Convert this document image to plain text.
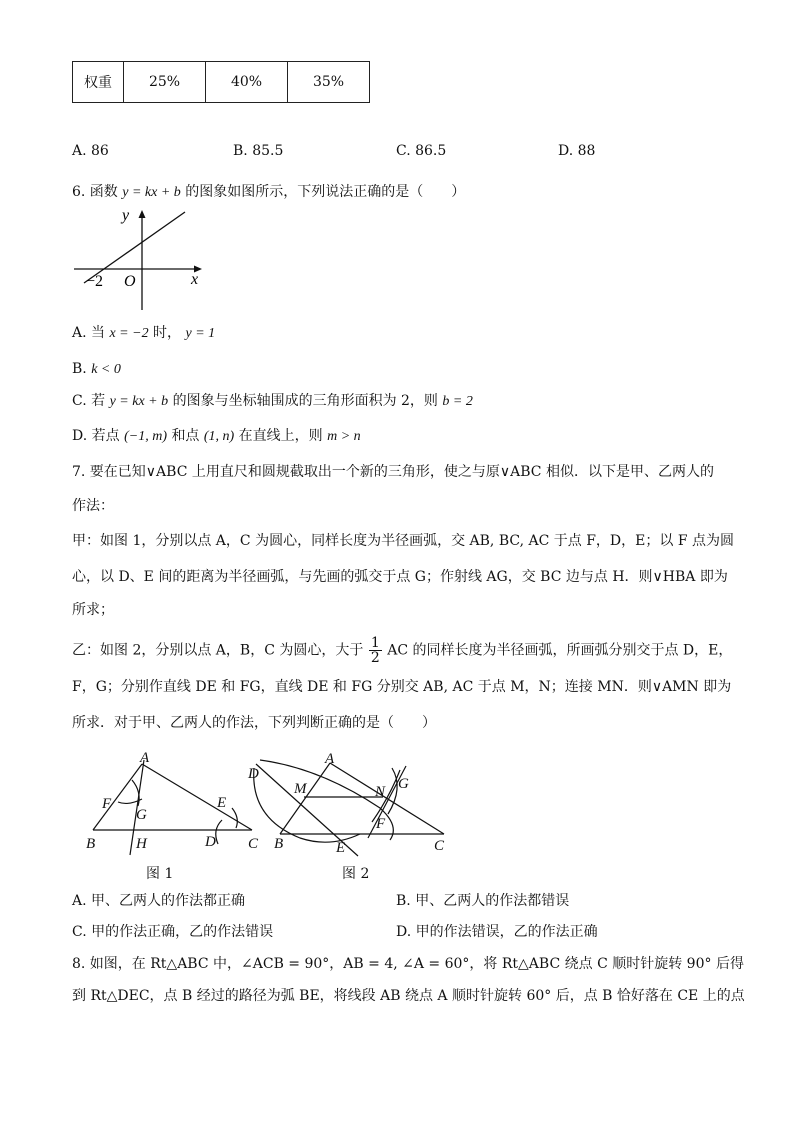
权重	25%	40%	35%
A. 86	B. 85.5	C. 86.5	D. 88
6. 函数 y = kx + b 的图象如图所示，下列说法正确的是（　　）
y
x
O
−2
A. 当 x = −2 时， y = 1
B. k < 0
C. 若 y = kx + b 的图象与坐标轴围成的三角形面积为 2，则 b = 2
D. 若点 (−1, m) 和点 (1, n) 在直线上，则 m > n
7. 要在已知∨ABC 上用直尺和圆规截取出一个新的三角形，使之与原∨ABC 相似．以下是甲、乙两人的
作法：
甲：如图 1，分别以点 A，C 为圆心，同样长度为半径画弧，交 AB, BC, AC 于点 F，D，E；以 F 点为圆
心，以 D、E 间的距离为半径画弧，与先画的弧交于点 G；作射线 AG，交 BC 边与点 H．则∨HBA 即为
所求；
乙：如图 2，分别以点 A，B，C 为圆心，大于 $\frac{1}{2}$ AC 的同样长度为半径画弧，所画弧分别交于点 D，E，
F，G；分别作直线 DE 和 FG，直线 DE 和 FG 分别交 AB, AC 于点 M，N；连接 MN．则∨AMN 即为
所求．对于甲、乙两人的作法，下列判断正确的是（　　）
A
F
G
E
B	H	D C
图 1
D
A
M	N G
F
B	E	C
图 2
A. 甲、乙两人的作法都正确	B. 甲、乙两人的作法都错误
C. 甲的作法正确，乙的作法错误	D. 甲的作法错误，乙的作法正确
8. 如图，在 Rt△ABC 中，∠ACB = 90°，AB = 4, ∠A = 60°，将 Rt△ABC 绕点 C 顺时针旋转 90° 后得
到 Rt△DEC，点 B 经过的路径为弧 BE，将线段 AB 绕点 A 顺时针旋转 60° 后，点 B 恰好落在 CE 上的点
